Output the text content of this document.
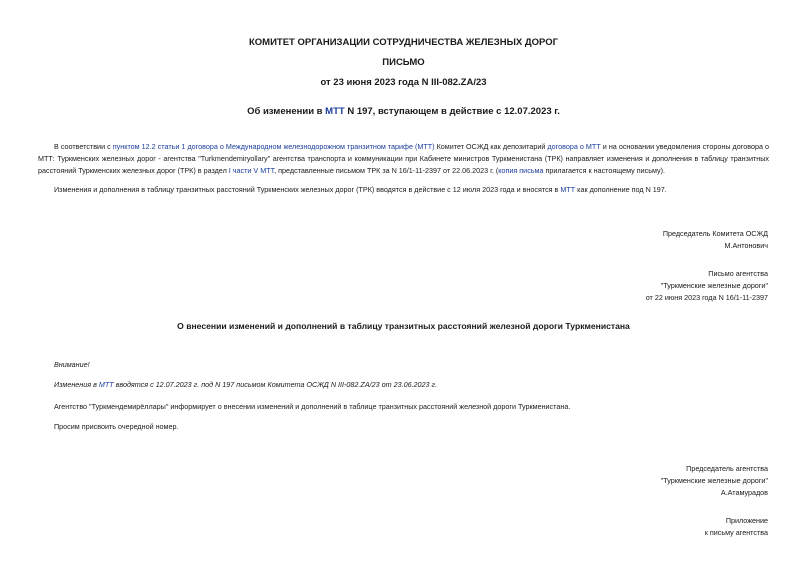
КОМИТЕТ ОРГАНИЗАЦИИ СОТРУДНИЧЕСТВА ЖЕЛЕЗНЫХ ДОРОГ
ПИСЬМО
от 23 июня 2023 года N III-082.ZA/23
Об изменении в МТТ N 197, вступающем в действие с 12.07.2023 г.
В соответствии с пунктом 12.2 статьи 1 договора о Международном железнодорожном транзитном тарифе (МТТ) Комитет ОСЖД как депозитарий договора о МТТ и на основании уведомления стороны договора о МТТ: Туркменских железных дорог - агентства "Turkmendemiryollary" агентства транспорта и коммуникации при Кабинете министров Туркменистана (ТРК) направляет изменения и дополнения в таблицу транзитных расстояний Туркменских железных дорог (ТРК) в раздел I части V МТТ, представленные письмом ТРК за N 16/1-11-2397 от 22.06.2023 г. (копия письма прилагается к настоящему письму).
Изменения и дополнения в таблицу транзитных расстояний Туркменских железных дорог (ТРК) вводятся в действие с 12 июля 2023 года и вносятся в МТТ как дополнение под N 197.
Председатель Комитета ОСЖД
М.Антонович
Письмо агентства
"Туркменские железные дороги"
от 22 июня 2023 года N 16/1-11-2397
О внесении изменений и дополнений в таблицу транзитных расстояний железной дороги Туркменистана
Внимание!
Изменения в МТТ вводятся с 12.07.2023 г. под N 197 письмом Комитета ОСЖД N III-082.ZA/23 от 23.06.2023 г.
Агентство "Туркмендемирёллары" информирует о внесении изменений и дополнений в таблице транзитных расстояний железной дороги Туркменистана.
Просим присвоить очередной номер.
Председатель агентства
"Туркменские железные дороги"
А.Атамурадов
Приложение
к письму агентства
